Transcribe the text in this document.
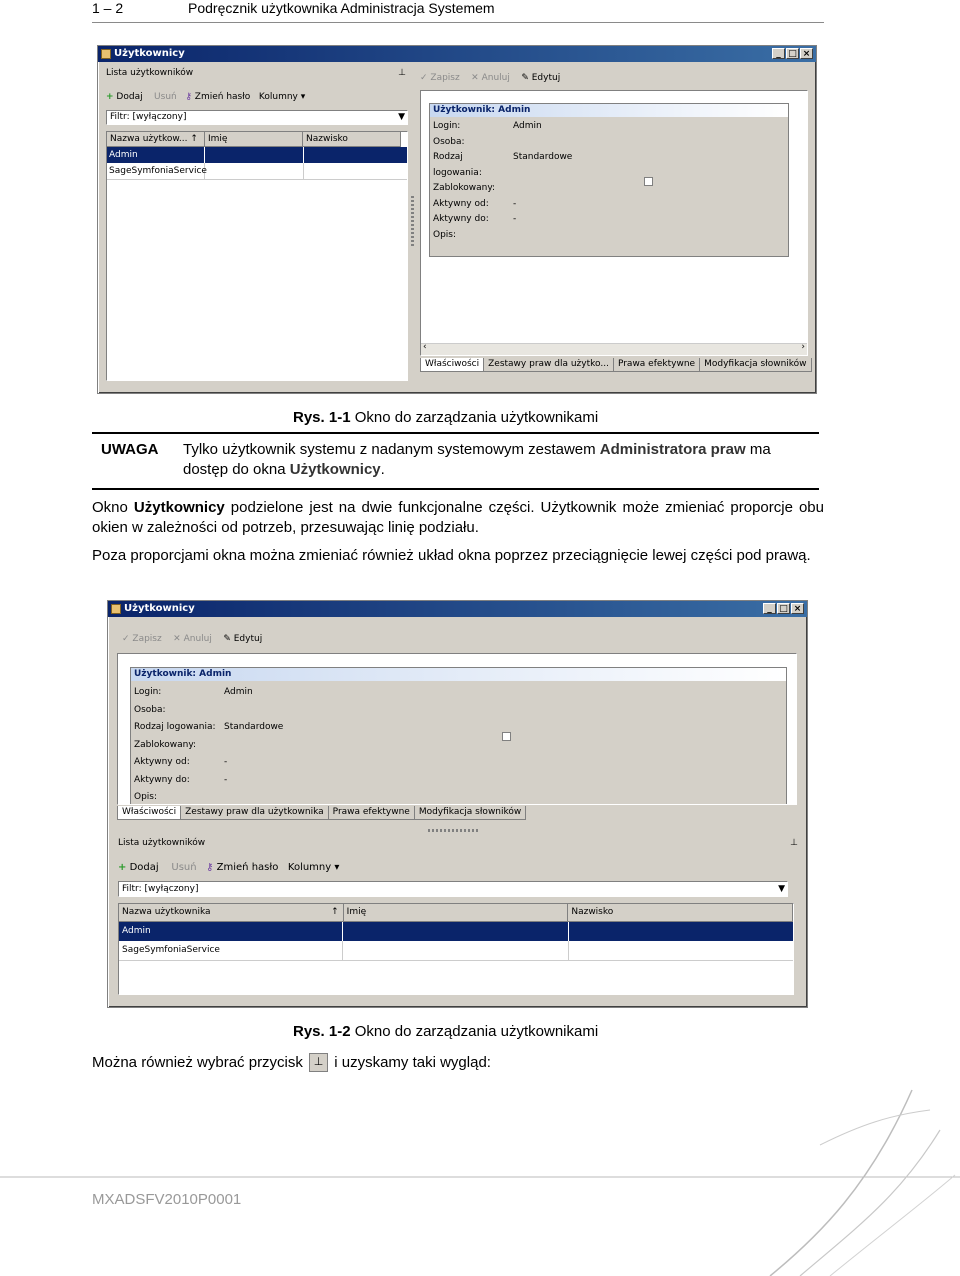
1 – 2	Podręcznik użytkownika Administracja Systemem
Użytkownicy	_ □ ×
Lista użytkowników	⊥
+ Dodaj Usuń ⚷ Zmień hasło Kolumny ▾
Filtr: [wyłączony]	▼
Nazwa użytkow... ↑	Imię	Nazwisko
Admin
SageSymfoniaService
✓ Zapisz ✕ Anuluj ✎ Edytuj
Użytkownik: Admin
Login:	Admin
Osoba:
Rodzaj logowania:
Standardowe
Zablokowany:
Aktywny od:	-
Aktywny do:	-
Opis:
‹	›
Właściwości	Zestawy praw dla użytko...	Prawa efektywne	Modyfikacja słowników
Rys. 1-1 Okno do zarządzania użytkownikami
UWAGA Tylko użytkownik systemu z nadanym systemowym zestawem Administratora praw ma dostęp do okna Użytkownicy.
Okno Użytkownicy podzielone jest na dwie funkcjonalne części. Użytkownik może zmieniać proporcje obu okien w zależności od potrzeb, przesuwając linię podziału.
Poza proporcjami okna można zmieniać również układ okna poprzez przeciągnięcie lewej części pod prawą.
Użytkownicy	_ □ ×
✓ Zapisz ✕ Anuluj ✎ Edytuj
Użytkownik: Admin
Login:	Admin
Osoba:
Rodzaj logowania: Standardowe
Zablokowany:
Aktywny od:	-
Aktywny do:	-
Opis:
Właściwości	Zestawy praw dla użytkownika	Prawa efektywne	Modyfikacja słowników
Lista użytkowników	⊥
+ Dodaj Usuń ⚷ Zmień hasło Kolumny ▾
Filtr: [wyłączony]	▼
Nazwa użytkownika	↑ Imię	Nazwisko
Admin
SageSymfoniaService
Rys. 1-2 Okno do zarządzania użytkownikami
Można również wybrać przycisk ⊥ i uzyskamy taki wygląd:
MXADSFV2010P0001
